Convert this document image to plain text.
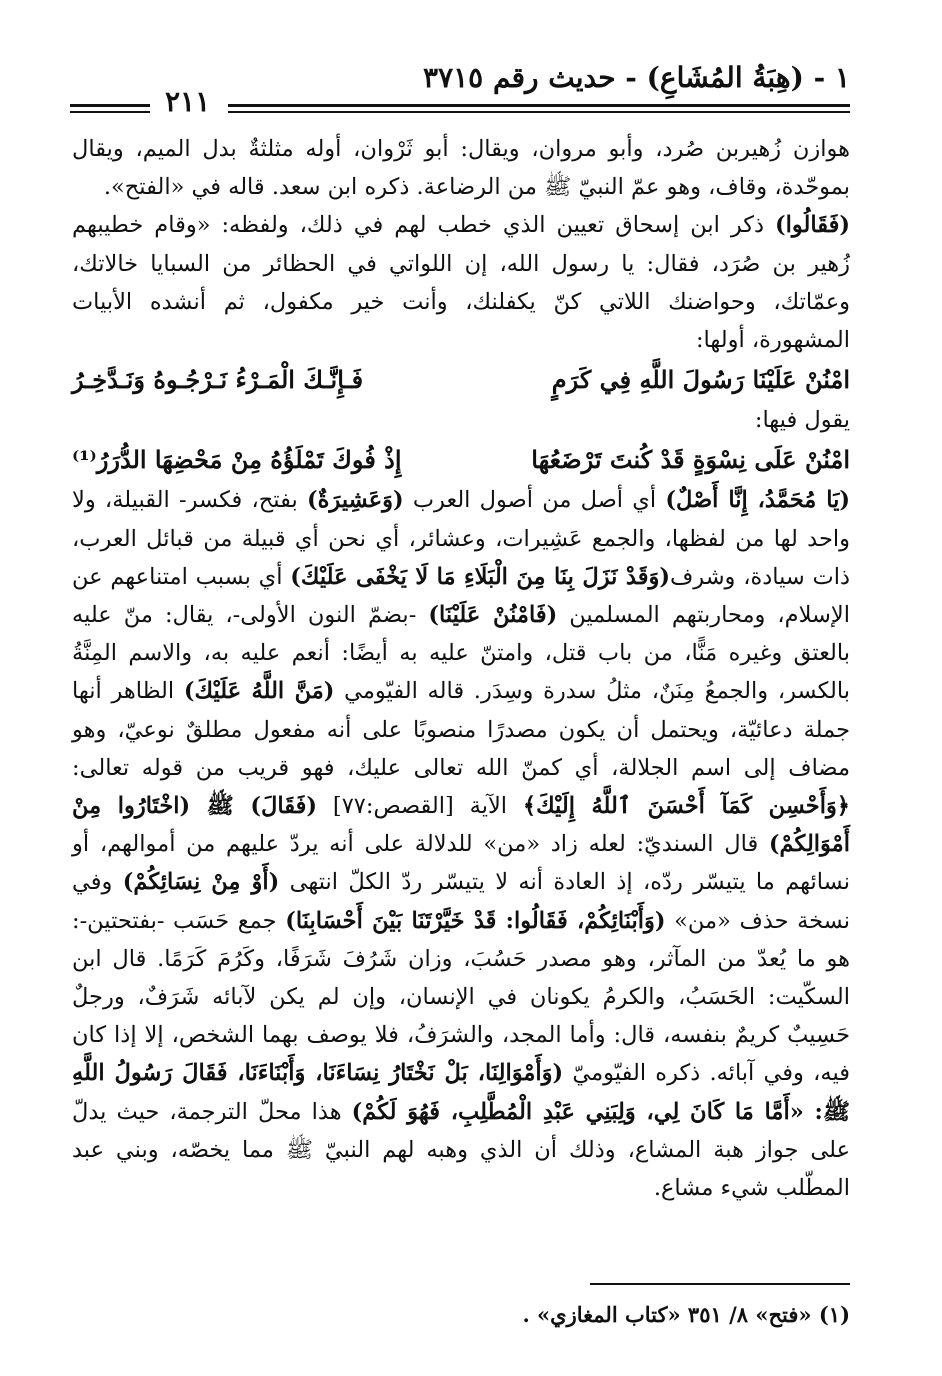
١ - (هِبَةُ المُشَاعِ) - حديث رقم ٣٧١٥
٢١١

هوازن زُهيربن صُرد، وأبو مروان، ويقال: أبو ثَرْوان، أوله مثلثةٌ بدل الميم، ويقال بموحّدة، وقاف، وهو عمّ النبيّ ﷺ من الرضاعة. ذكره ابن سعد. قاله في «الفتح».

(فَقَالُوا) ذكر ابن إسحاق تعيين الذي خطب لهم في ذلك، ولفظه: «وقام خطيبهم زُهير بن صُرَد، فقال: يا رسول الله، إن اللواتي في الحظائر من السبايا خالاتك، وعمّاتك، وحواضنك اللاتي كنّ يكفلنك، وأنت خير مكفول، ثم أنشده الأبيات المشهورة، أولها:

امْنُنْ عَلَيْنَا رَسُولَ اللَّهِ فِي كَرَمٍ
فَـإِنَّـكَ الْمَـرْءُ نَـرْجُـوهُ وَنَـدَّخِـرُ

يقول فيها:

امْنُنْ عَلَى نِسْوَةٍ قَدْ كُنتَ تَرْضَعُهَا
إِذْ فُوكَ تَمْلَؤُهُ مِنْ مَحْضِهَا الدُّرَرُ⁽¹⁾

(يَا مُحَمَّدُ، إِنَّا أَصْلٌ) أي أصل من أصول العرب (وَعَشِيرَةٌ) بفتح، فكسر- القبيلة، ولا واحد لها من لفظها، والجمع عَشِيرات، وعشائر، أي نحن أي قبيلة من قبائل العرب، ذات سيادة، وشرف(وَقَدْ نَزَلَ بِنَا مِنَ الْبَلَاءِ مَا لَا يَخْفَى عَلَيْكَ) أي بسبب امتناعهم عن الإسلام، ومحاربتهم المسلمين (فَامْنُنْ عَلَيْنَا) -بضمّ النون الأولى-، يقال: منّ عليه بالعتق وغيره مَنًّا، من باب قتل، وامتنّ عليه به أيضًا: أنعم عليه به، والاسم المِنَّةُ بالكسر، والجمعُ مِنَنٌ، مثلُ سدرة وسِدَر. قاله الفيّومي (مَنَّ اللَّهُ عَلَيْكَ) الظاهر أنها جملة دعائيّة، ويحتمل أن يكون مصدرًا منصوبًا على أنه مفعول مطلقٌ نوعيّ، وهو مضاف إلى اسم الجلالة، أي كمنّ الله تعالى عليك، فهو قريب من قوله تعالى: ﴿وَأَحْسِن كَمَآ أَحْسَنَ ٱللَّهُ إِلَيْكَ﴾ الآية [القصص:٧٧] (فَقَالَ) ﷺ (اخْتَارُوا مِنْ أَمْوَالِكُمْ) قال السنديّ: لعله زاد «من» للدلالة على أنه يردّ عليهم من أموالهم، أو نسائهم ما يتيسّر ردّه، إذ العادة أنه لا يتيسّر ردّ الكلّ انتهى (أَوْ مِنْ نِسَائِكُمْ) وفي نسخة حذف «من» (وَأَبْنَائِكُمْ، فَقَالُوا: قَدْ خَيَّرْتَنَا بَيْنَ أَحْسَابِنَا) جمع حَسَب -بفتحتين-: هو ما يُعدّ من المآثر، وهو مصدر حَسُبَ، وزان شَرُفَ شَرَفًا، وكَرُمَ كَرَمًا. قال ابن السكّيت: الحَسَبُ، والكرمُ يكونان في الإنسان، وإن لم يكن لآبائه شَرَفٌ، ورجلٌ حَسِيبٌ كريمٌ بنفسه، قال: وأما المجد، والشرَفُ، فلا يوصف بهما الشخص، إلا إذا كان فيه، وفي آبائه. ذكره الفيّوميّ (وَأَمْوَالِنَا، بَلْ نَخْتَارُ نِسَاءَنَا، وَأَبْنَاءَنَا، فَقَالَ رَسُولُ اللَّهِ ﷺ: «أَمَّا مَا كَانَ لِي، وَلِبَنِي عَبْدِ الْمُطَّلِبِ، فَهُوَ لَكُمْ) هذا محلّ الترجمة، حيث يدلّ على جواز هبة المشاع، وذلك أن الذي وهبه لهم النبيّ ﷺ مما يخصّه، وبني عبد المطّلب شيء مشاع.

(١) «فتح» ٨/ ٣٥١ «كتاب المغازي» .
